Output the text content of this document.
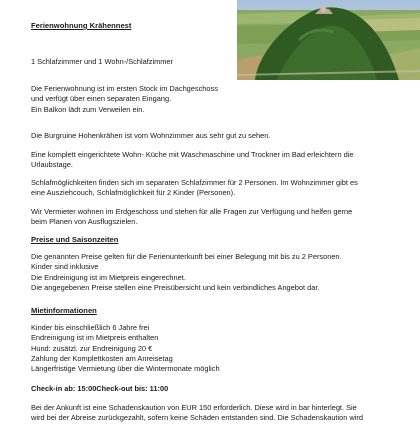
Ferienwohnung Krähennest
1 Schlafzimmer und 1 Wohn-/Schlafzimmer
Die Ferienwohnung ist im ersten Stock im Dachgeschoss
und verfügt über einen separaten Eingang.
Ein Balkon lädt zum Verweilen ein.
Die Burgruine Hohenkrähen ist vom Wohnzimmer aus sehr gut zu sehen.
Eine komplett eingerichtete Wohn- Küche mit Waschmaschine und Trockner im Bad erleichtern die
Urlaubstage.
Schlafmöglichkeiten finden sich im separaten Schlafzimmer für 2 Personen. Im Wohnzimmer gibt es
eine Ausziehcouch, Schlafmöglichkeit für 2 Kinder (Personen).
Wir Vermieter wohnen im Erdgeschoss und stehen für alle Fragen zur Verfügung und helfen gerne
beim Planen von Ausflugszielen.
Preise und Saisonzeiten
Die genannten Preise gelten für die Ferienunterkunft bei einer Belegung mit bis zu 2 Personen.
Kinder sind inklusive
Die Endreinigung ist im Mietpreis eingerechnet.
Die angegebenen Preise stellen eine Preisübersicht und kein verbindliches Angebot dar.
Mietinformationen
Kinder bis einschließlich 6 Jahre frei
Endreinigung ist im Mietpreis enthalten
Hund: zusätzl. zur Endreinigung 20 €
Zahlung der Komplettkosten am Anreisetag
Längerfristige Vermietung über die Wintermonate möglich
Check-in ab: 15:00Check-out bis: 11:00
Bei der Ankunft ist eine Schadenskaution von EUR 150 erforderlich. Diese wird in bar hinterlegt. Sie
wird bei der Abreise zurückgezahlt, sofern keine Schäden entstanden sind. Die Schadenskaution wird
